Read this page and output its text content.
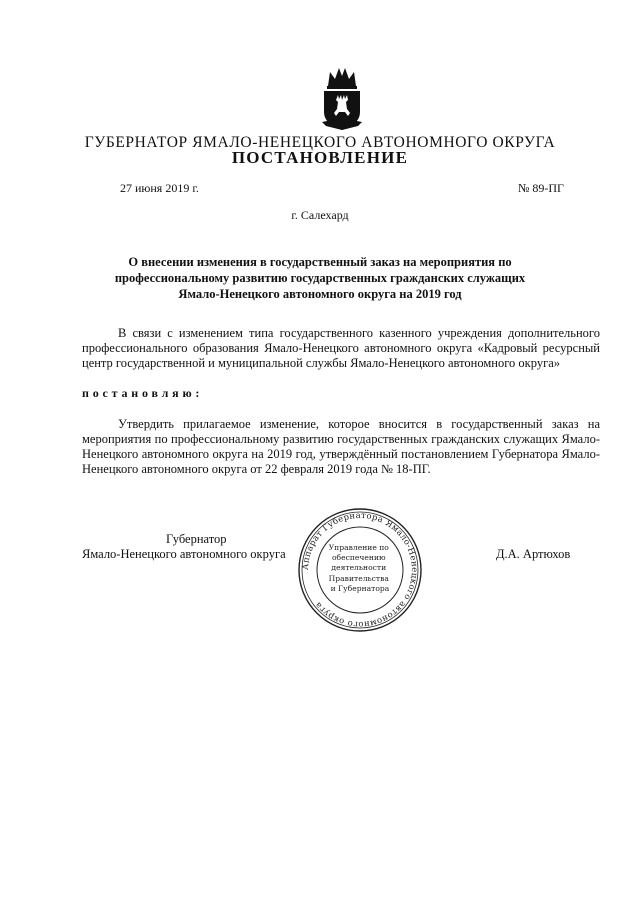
ГУБЕРНАТОР ЯМАЛО-НЕНЕЦКОГО АВТОНОМНОГО ОКРУГА
ПОСТАНОВЛЕНИЕ
27 июня 2019 г.	№ 89-ПГ
г. Салехард
О внесении изменения в государственный заказ на мероприятия по профессиональному развитию государственных гражданских служащих Ямало-Ненецкого автономного округа на 2019 год

В связи с изменением типа государственного казенного учреждения дополнительного профессионального образования Ямало-Ненецкого автономного округа «Кадровый ресурсный центр государственной и муниципальной службы Ямало-Ненецкого автономного округа»

постановляю:

Утвердить прилагаемое изменение, которое вносится в государственный заказ на мероприятия по профессиональному развитию государственных гражданских служащих Ямало-Ненецкого автономного округа на 2019 год, утверждённый постановлением Губернатора Ямало-Ненецкого автономного округа от 22 февраля 2019 года № 18-ПГ.

Аппарат Губернатора Ямало-Ненецкого автономного округа
Управление по обеспечению деятельности Правительства и Губернатора
Губернатор
Ямало-Ненецкого автономного округа	Д.А. Артюхов
